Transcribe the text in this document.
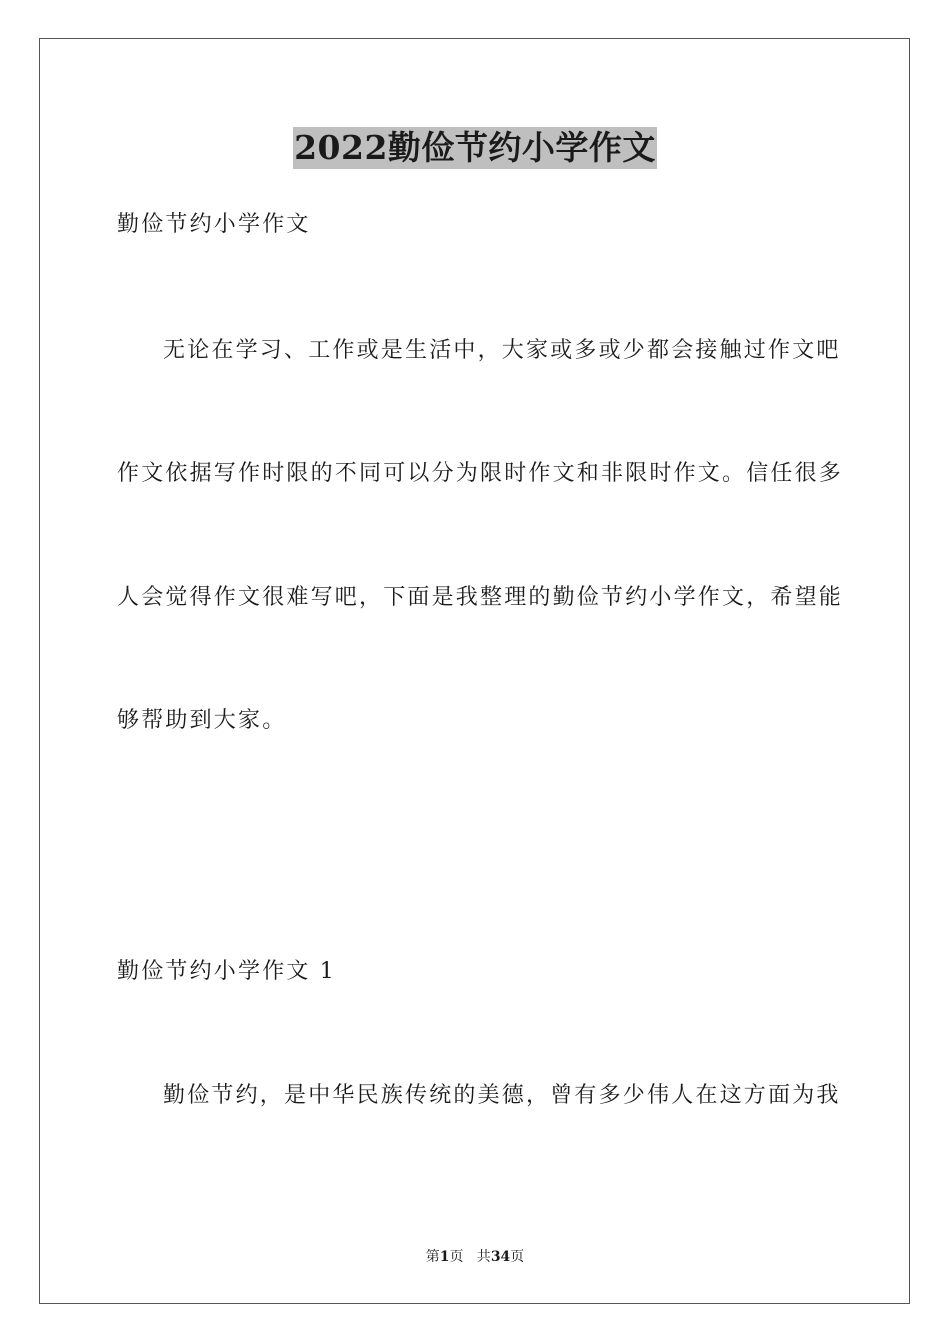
2022勤俭节约小学作文
勤俭节约小学作文
无论在学习、工作或是生活中，大家或多或少都会接触过作文吧
作文依据写作时限的不同可以分为限时作文和非限时作文。信任很多
人会觉得作文很难写吧，下面是我整理的勤俭节约小学作文，希望能
够帮助到大家。
勤俭节约小学作文 1
勤俭节约，是中华民族传统的美德，曾有多少伟人在这方面为我
第1页   共34页
